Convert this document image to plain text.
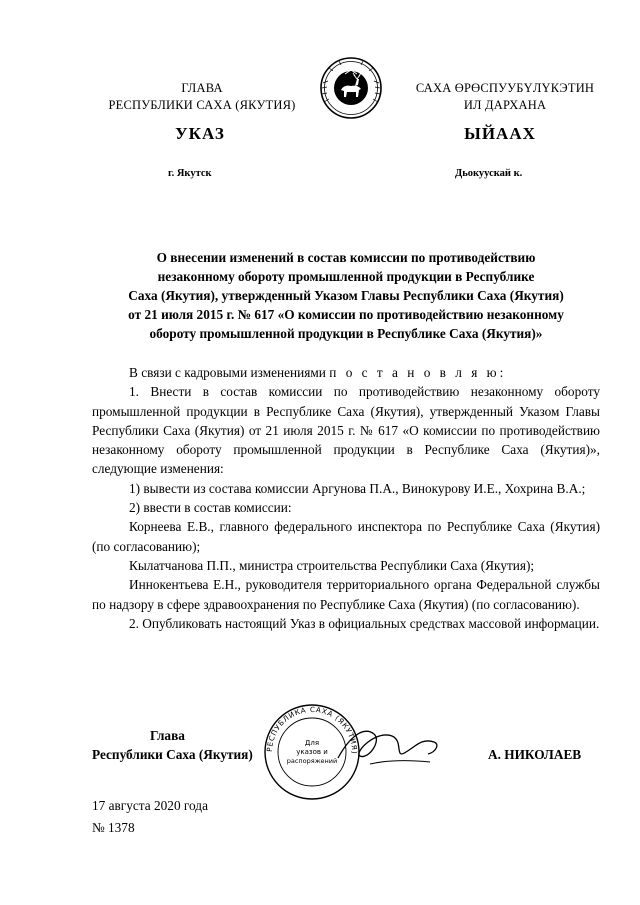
ГЛАВА
РЕСПУБЛИКИ САХА (ЯКУТИЯ)
САХА ӨРӨСПУУБҮЛҮКЭТИН
ИЛ ДАРХАНА
УКАЗ	ЫЙААХ
г. Якутск	Дьокуускай к.
О внесении изменений в состав комиссии по противодействию
незаконному обороту промышленной продукции в Республике
Саха (Якутия), утвержденный Указом Главы Республики Саха (Якутия)
от 21 июля 2015 г. № 617 «О комиссии по противодействию незаконному
обороту промышленной продукции в Республике Саха (Якутия)»

В связи с кадровыми изменениями п о с т а н о в л я ю:

1. Внести в состав комиссии по противодействию незаконному обороту промышленной продукции в Республике Саха (Якутия), утвержденный Указом Главы Республики Саха (Якутия) от 21 июля 2015 г. № 617 «О комиссии по противодействию незаконному обороту промышленной продукции в Республике Саха (Якутия)», следующие изменения:

1) вывести из состава комиссии Аргунова П.А., Винокурову И.Е., Хохрина В.А.;

2) ввести в состав комиссии:

Корнеева Е.В., главного федерального инспектора по Республике Саха (Якутия) (по согласованию);

Кылатчанова П.П., министра строительства Республики Саха (Якутия);

Иннокентьева Е.Н., руководителя территориального органа Федеральной службы по надзору в сфере здравоохранения по Республике Саха (Якутия) (по согласованию).

2. Опубликовать настоящий Указ в официальных средствах массовой информации.

Глава
Республики Саха (Якутия)	А. НИКОЛАЕВ
РЕСПУБЛИКА САХА (ЯКУТИЯ)
Для
указов и
распоряжений
17 августа 2020 года
№ 1378
